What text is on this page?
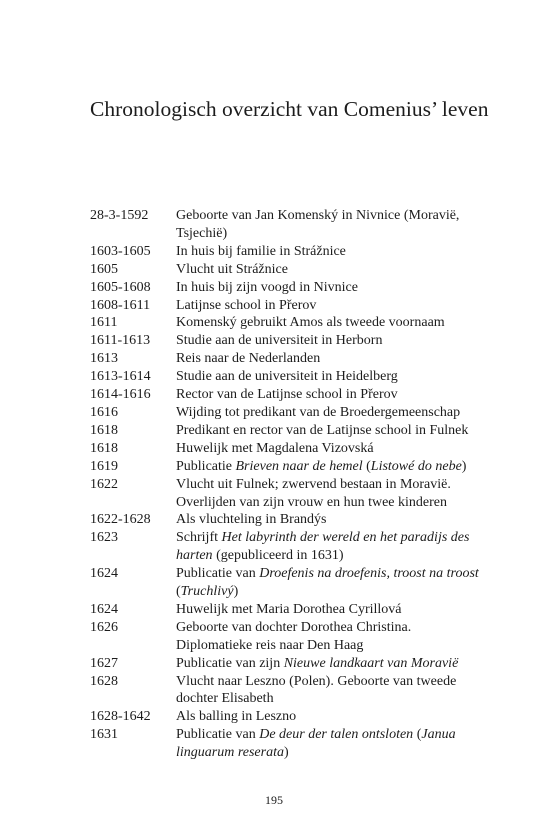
Chronologisch overzicht van Comenius’ leven
28-3-1592	Geboorte van Jan Komenský in Nivnice (Moravië, Tsjechië)
1603-1605	In huis bij familie in Strážnice
1605	Vlucht uit Strážnice
1605-1608	In huis bij zijn voogd in Nivnice
1608-1611	Latijnse school in Přerov
1611	Komenský gebruikt Amos als tweede voornaam
1611-1613	Studie aan de universiteit in Herborn
1613	Reis naar de Nederlanden
1613-1614	Studie aan de universiteit in Heidelberg
1614-1616	Rector van de Latijnse school in Přerov
1616	Wijding tot predikant van de Broedergemeenschap
1618	Predikant en rector van de Latijnse school in Fulnek
1618	Huwelijk met Magdalena Vizovská
1619	Publicatie Brieven naar de hemel (Listowé do nebe)
1622	Vlucht uit Fulnek; zwervend bestaan in Moravië. Overlijden van zijn vrouw en hun twee kinderen
1622-1628	Als vluchteling in Brandýs
1623	Schrijft Het labyrinth der wereld en het paradijs des harten (gepubliceerd in 1631)
1624	Publicatie van Droefenis na droefenis, troost na troost (Truchlivý)
1624	Huwelijk met Maria Dorothea Cyrillová
1626	Geboorte van dochter Dorothea Christina. Diplomatieke reis naar Den Haag
1627	Publicatie van zijn Nieuwe landkaart van Moravië
1628	Vlucht naar Leszno (Polen). Geboorte van tweede dochter Elisabeth
1628-1642	Als balling in Leszno
1631	Publicatie van De deur der talen ontsloten (Janua linguarum reserata)
195
